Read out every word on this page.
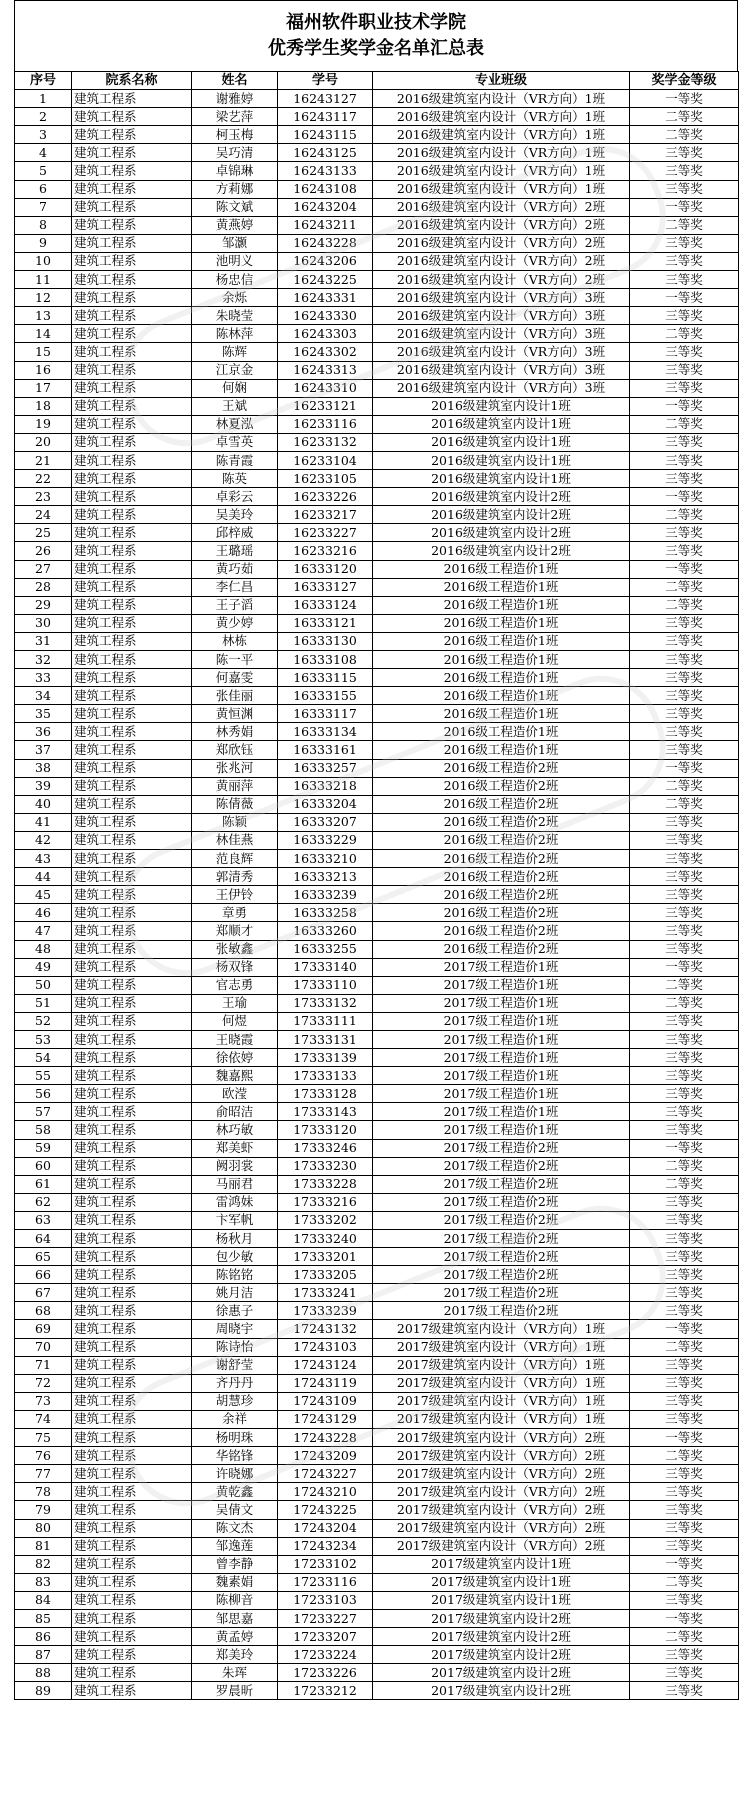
福州软件职业技术学院
优秀学生奖学金名单汇总表
序号	院系名称	姓名	学号	专业班级	奖学金等级
1	建筑工程系	谢雅婷	16243127	2016级建筑室内设计（VR方向）1班	一等奖
2	建筑工程系	梁艺萍	16243117	2016级建筑室内设计（VR方向）1班	二等奖
3	建筑工程系	柯玉梅	16243115	2016级建筑室内设计（VR方向）1班	二等奖
4	建筑工程系	吴巧清	16243125	2016级建筑室内设计（VR方向）1班	三等奖
5	建筑工程系	卓锦琳	16243133	2016级建筑室内设计（VR方向）1班	三等奖
6	建筑工程系	方莉娜	16243108	2016级建筑室内设计（VR方向）1班	三等奖
7	建筑工程系	陈文斌	16243204	2016级建筑室内设计（VR方向）2班	一等奖
8	建筑工程系	黄燕婷	16243211	2016级建筑室内设计（VR方向）2班	二等奖
9	建筑工程系	邹灏	16243228	2016级建筑室内设计（VR方向）2班	三等奖
10	建筑工程系	池明义	16243206	2016级建筑室内设计（VR方向）2班	三等奖
11	建筑工程系	杨忠信	16243225	2016级建筑室内设计（VR方向）2班	三等奖
12	建筑工程系	余烁	16243331	2016级建筑室内设计（VR方向）3班	一等奖
13	建筑工程系	朱晓莹	16243330	2016级建筑室内设计（VR方向）3班	三等奖
14	建筑工程系	陈林萍	16243303	2016级建筑室内设计（VR方向）3班	二等奖
15	建筑工程系	陈辉	16243302	2016级建筑室内设计（VR方向）3班	三等奖
16	建筑工程系	江京金	16243313	2016级建筑室内设计（VR方向）3班	三等奖
17	建筑工程系	何娴	16243310	2016级建筑室内设计（VR方向）3班	三等奖
18	建筑工程系	王斌	16233121	2016级建筑室内设计1班	一等奖
19	建筑工程系	林夏泓	16233116	2016级建筑室内设计1班	二等奖
20	建筑工程系	卓雪英	16233132	2016级建筑室内设计1班	三等奖
21	建筑工程系	陈青霞	16233104	2016级建筑室内设计1班	三等奖
22	建筑工程系	陈英	16233105	2016级建筑室内设计1班	三等奖
23	建筑工程系	卓彩云	16233226	2016级建筑室内设计2班	一等奖
24	建筑工程系	吴美玲	16233217	2016级建筑室内设计2班	二等奖
25	建筑工程系	邱梓威	16233227	2016级建筑室内设计2班	三等奖
26	建筑工程系	王璐瑶	16233216	2016级建筑室内设计2班	三等奖
27	建筑工程系	黄巧茹	16333120	2016级工程造价1班	一等奖
28	建筑工程系	李仁昌	16333127	2016级工程造价1班	二等奖
29	建筑工程系	王子滔	16333124	2016级工程造价1班	二等奖
30	建筑工程系	黄少婷	16333121	2016级工程造价1班	三等奖
31	建筑工程系	林栋	16333130	2016级工程造价1班	三等奖
32	建筑工程系	陈一平	16333108	2016级工程造价1班	三等奖
33	建筑工程系	何嘉雯	16333115	2016级工程造价1班	三等奖
34	建筑工程系	张佳丽	16333155	2016级工程造价1班	三等奖
35	建筑工程系	黄恒渊	16333117	2016级工程造价1班	三等奖
36	建筑工程系	林秀娟	16333134	2016级工程造价1班	三等奖
37	建筑工程系	郑欣钰	16333161	2016级工程造价1班	三等奖
38	建筑工程系	张兆河	16333257	2016级工程造价2班	一等奖
39	建筑工程系	黄丽萍	16333218	2016级工程造价2班	二等奖
40	建筑工程系	陈倩薇	16333204	2016级工程造价2班	二等奖
41	建筑工程系	陈颖	16333207	2016级工程造价2班	三等奖
42	建筑工程系	林佳燕	16333229	2016级工程造价2班	三等奖
43	建筑工程系	范良辉	16333210	2016级工程造价2班	三等奖
44	建筑工程系	郭清秀	16333213	2016级工程造价2班	三等奖
45	建筑工程系	王伊铃	16333239	2016级工程造价2班	三等奖
46	建筑工程系	章勇	16333258	2016级工程造价2班	三等奖
47	建筑工程系	郑顺才	16333260	2016级工程造价2班	三等奖
48	建筑工程系	张敏鑫	16333255	2016级工程造价2班	三等奖
49	建筑工程系	杨双锋	17333140	2017级工程造价1班	一等奖
50	建筑工程系	官志勇	17333110	2017级工程造价1班	二等奖
51	建筑工程系	王瑜	17333132	2017级工程造价1班	二等奖
52	建筑工程系	何煜	17333111	2017级工程造价1班	三等奖
53	建筑工程系	王晓霞	17333131	2017级工程造价1班	三等奖
54	建筑工程系	徐依婷	17333139	2017级工程造价1班	三等奖
55	建筑工程系	魏嘉熙	17333133	2017级工程造价1班	三等奖
56	建筑工程系	欧滢	17333128	2017级工程造价1班	三等奖
57	建筑工程系	俞昭洁	17333143	2017级工程造价1班	三等奖
58	建筑工程系	林巧敏	17333120	2017级工程造价1班	三等奖
59	建筑工程系	郑美虾	17333246	2017级工程造价2班	一等奖
60	建筑工程系	阙羽裳	17333230	2017级工程造价2班	二等奖
61	建筑工程系	马丽君	17333228	2017级工程造价2班	二等奖
62	建筑工程系	雷鸿妹	17333216	2017级工程造价2班	三等奖
63	建筑工程系	卞军帆	17333202	2017级工程造价2班	三等奖
64	建筑工程系	杨秋月	17333240	2017级工程造价2班	三等奖
65	建筑工程系	包少敏	17333201	2017级工程造价2班	三等奖
66	建筑工程系	陈铭铭	17333205	2017级工程造价2班	三等奖
67	建筑工程系	姚月洁	17333241	2017级工程造价2班	三等奖
68	建筑工程系	徐惠子	17333239	2017级工程造价2班	三等奖
69	建筑工程系	周晓宇	17243132	2017级建筑室内设计（VR方向）1班	一等奖
70	建筑工程系	陈诗怡	17243103	2017级建筑室内设计（VR方向）1班	二等奖
71	建筑工程系	谢舒莹	17243124	2017级建筑室内设计（VR方向）1班	三等奖
72	建筑工程系	齐丹丹	17243119	2017级建筑室内设计（VR方向）1班	三等奖
73	建筑工程系	胡慧珍	17243109	2017级建筑室内设计（VR方向）1班	三等奖
74	建筑工程系	余祥	17243129	2017级建筑室内设计（VR方向）1班	三等奖
75	建筑工程系	杨明珠	17243228	2017级建筑室内设计（VR方向）2班	一等奖
76	建筑工程系	华铭锋	17243209	2017级建筑室内设计（VR方向）2班	二等奖
77	建筑工程系	许晓娜	17243227	2017级建筑室内设计（VR方向）2班	三等奖
78	建筑工程系	黄乾鑫	17243210	2017级建筑室内设计（VR方向）2班	三等奖
79	建筑工程系	吴倩文	17243225	2017级建筑室内设计（VR方向）2班	三等奖
80	建筑工程系	陈文杰	17243204	2017级建筑室内设计（VR方向）2班	三等奖
81	建筑工程系	邹逸莲	17243234	2017级建筑室内设计（VR方向）2班	三等奖
82	建筑工程系	曾李静	17233102	2017级建筑室内设计1班	一等奖
83	建筑工程系	魏素娟	17233116	2017级建筑室内设计1班	二等奖
84	建筑工程系	陈柳音	17233103	2017级建筑室内设计1班	三等奖
85	建筑工程系	邹思嘉	17233227	2017级建筑室内设计2班	一等奖
86	建筑工程系	黄孟婷	17233207	2017级建筑室内设计2班	二等奖
87	建筑工程系	郑美玲	17233224	2017级建筑室内设计2班	三等奖
88	建筑工程系	朱珲	17233226	2017级建筑室内设计2班	三等奖
89	建筑工程系	罗晨昕	17233212	2017级建筑室内设计2班	三等奖
